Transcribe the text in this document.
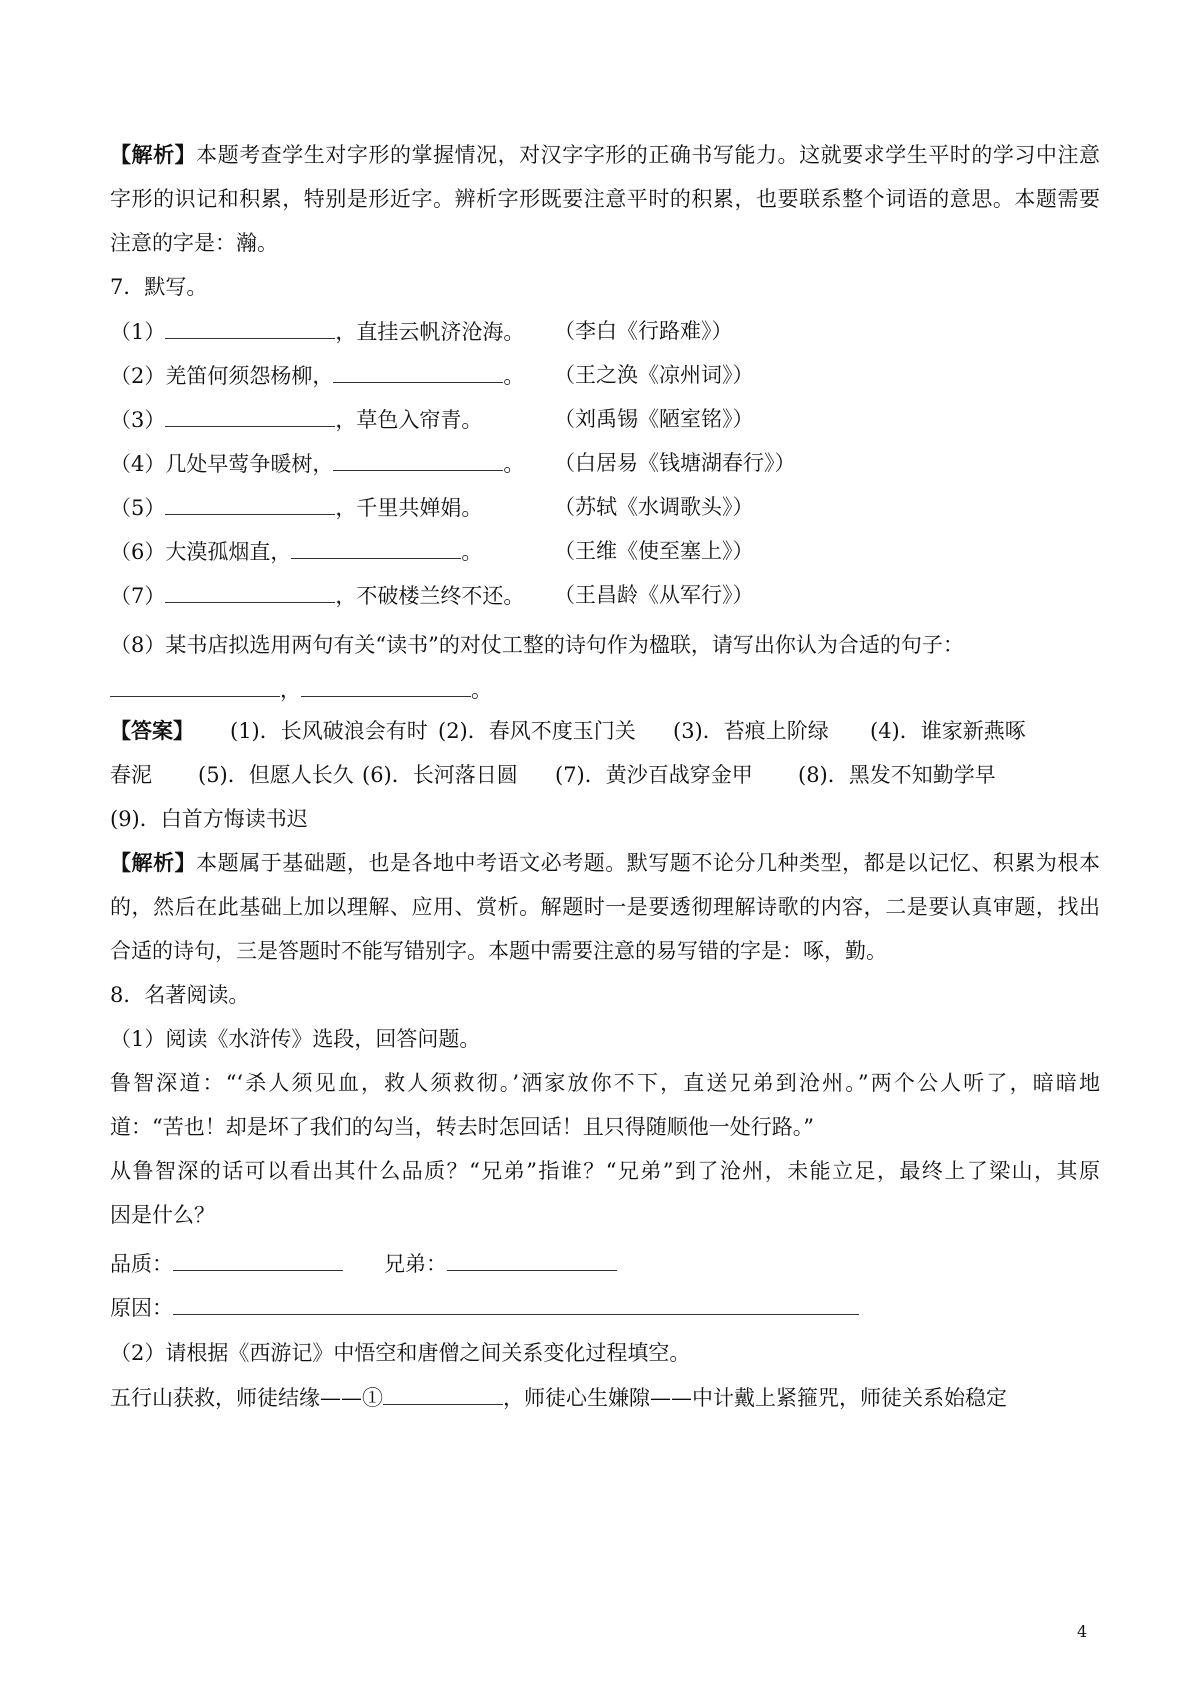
【解析】本题考查学生对字形的掌握情况，对汉字字形的正确书写能力。这就要求学生平时的学习中注意
字形的识记和积累，特别是形近字。辨析字形既要注意平时的积累，也要联系整个词语的意思。本题需要
注意的字是：瀚。
7．默写。
（1）	，直挂云帆济沧海。 （李白《行路难》）
（2）羌笛何须怨杨柳，	。 （王之涣《凉州词》）
（3）	，草色入帘青。	（刘禹锡《陋室铭》）
（4）几处早莺争暖树，	。 （白居易《钱塘湖春行》）
（5）	，千里共婵娟。	（苏轼《水调歌头》）
（6）大漠孤烟直，	。	（王维《使至塞上》）
（7）	，不破楼兰终不还。 （王昌龄《从军行》）
（8）某书店拟选用两句有关“读书”的对仗工整的诗句作为楹联，请写出你认为合适的句子：
，	。
【答案】 (1)．长风破浪会有时 (2)．春风不度玉门关 (3)．苔痕上阶绿 (4)．谁家新燕啄
春泥 (5)．但愿人长久 (6)．长河落日圆 (7)．黄沙百战穿金甲 (8)．黑发不知勤学早
(9)．白首方悔读书迟
【解析】本题属于基础题，也是各地中考语文必考题。默写题不论分几种类型，都是以记忆、积累为根本
的，然后在此基础上加以理解、应用、赏析。解题时一是要透彻理解诗歌的内容，二是要认真审题，找出
合适的诗句，三是答题时不能写错别字。本题中需要注意的易写错的字是：啄，勤。
8．名著阅读。
（1）阅读《水浒传》选段，回答问题。
鲁智深道：“‘杀人须见血，救人须救彻。’洒家放你不下，直送兄弟到沧州。”两个公人听了，暗暗地
道：“苦也！却是坏了我们的勾当，转去时怎回话！且只得随顺他一处行路。”
从鲁智深的话可以看出其什么品质？“兄弟”指谁？“兄弟”到了沧州，未能立足，最终上了梁山，其原
因是什么？
品质：	兄弟：
原因：
（2）请根据《西游记》中悟空和唐僧之间关系变化过程填空。
五行山获救，师徒结缘——①	，师徒心生嫌隙——中计戴上紧箍咒，师徒关系始稳定
4
